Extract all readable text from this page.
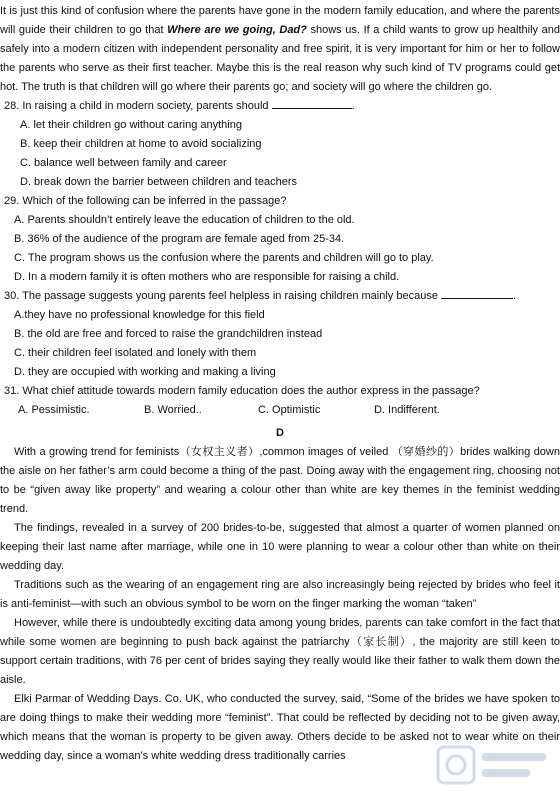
It is just this kind of confusion where the parents have gone in the modern family education, and where the parents will guide their children to go that Where are we going, Dad? shows us. If a child wants to grow up healthily and safely into a modern citizen with independent personality and free spirit, it is very important for him or her to follow the parents who serve as their first teacher. Maybe this is the real reason why such kind of TV programs could get hot. The truth is that children will go where their parents go; and society will go where the children go.

28. In raising a child in modern society, parents should	.

A. let their children go without caring anything

B. keep their children at home to avoid socializing

C. balance well between family and career

D. break down the barrier between children and teachers

29. Which of the following can be inferred in the passage?

A. Parents shouldn’t entirely leave the education of children to the old.

B. 36% of the audience of the program are female aged from 25-34.

C. The program shows us the confusion where the parents and children will go to play.

D. In a modern family it is often mothers who are responsible for raising a child.

30. The passage suggests young parents feel helpless in raising children mainly because	.

A.they have no professional knowledge for this field

B. the old are free and forced to raise the grandchildren instead

C. their children feel isolated and lonely with them

D. they are occupied with working and making a living

31. What chief attitude towards modern family education does the author express in the passage?

A. Pessimistic.	B. Worried..	C. Optimistic	D. Indifferent.

D

With a growing trend for feminists（女权主义者）,common images of veiled （穿婚纱的）brides walking down the aisle on her father’s arm could become a thing of the past. Doing away with the engagement ring, choosing not to be “given away like property” and wearing a colour other than white are key themes in the feminist wedding trend.

The findings, revealed in a survey of 200 brides-to-be, suggested that almost a quarter of women planned on keeping their last name after marriage, while one in 10 were planning to wear a colour other than white on their wedding day.

Traditions such as the wearing of an engagement ring are also increasingly being rejected by brides who feel it is anti-feminist—with such an obvious symbol to be worn on the finger marking the woman “taken”

However, while there is undoubtedly exciting data among young brides, parents can take comfort in the fact that while some women are beginning to push back against the patriarchy（家长制）, the majority are still keen to support certain traditions, with 76 per cent of brides saying they really would like their father to walk them down the aisle.

Elki Parmar of Wedding Days. Co. UK, who conducted the survey, said, “Some of the brides we have spoken to are doing things to make their wedding more “feminist”. That could be reflected by deciding not to be given away, which means that the woman is property to be given away. Others decide to be asked not to wear white on their wedding day, since a woman’s white wedding dress traditionally carries
